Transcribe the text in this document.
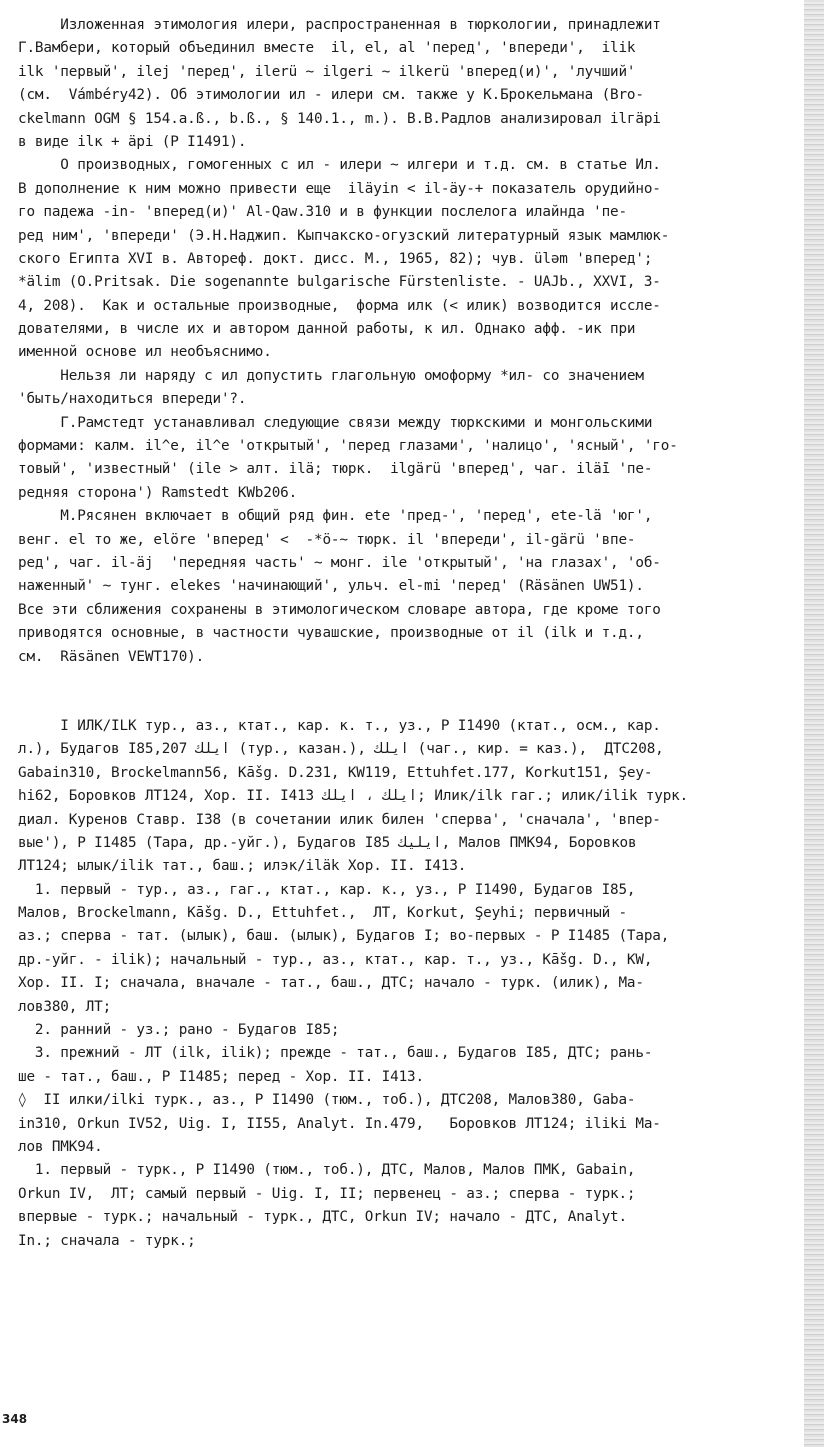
Изложенная этимология илери, распространенная в тюркологии, принадлежит
Г.Вамбери, который объединил вместе  il, el, al 'перед', 'впереди',  ilik
ilk 'первый', ilej 'перед', ilerü ~ ilgeri ~ ilkerü 'вперед(и)', 'лучший'
(см.  Vámbéry42). Об этимологии ил - илери см. также у К.Брокельмана (Bro-
ckelmann OGM § 154.a.ß., b.ß., § 140.1., m.). В.В.Радлов анализировал ilгäрi
в виде ilк + äрi (Р I1491).
О производных, гомогенных с ил - илери ~ илгери и т.д. см. в статье Ил.
В дополнение к ним можно привести еще  iläyin < il-äy-+ показатель орудийно-
го падежа -in- 'вперед(и)' Al-Qaw.310 и в функции послелога илайнда 'пе-
ред ним', 'впереди' (Э.Н.Наджип. Кыпчакско-огузский литературный язык мамлюк-
ского Египта XVI в. Автореф. докт. дисс. М., 1965, 82); чув. üləm 'вперед';
*älim (O.Pritsak. Die sogenannte bulgarische Fürstenliste. - UAJb., XXVI, 3-
4, 208).  Как и остальные производные,  форма илк (< илик) возводится иссле-
дователями, в числе их и автором данной работы, к ил. Однако афф. -ик при
именной основе ил необъяснимо.
Нельзя ли наряду с ил допустить глагольную омоформу *ил- со значением
'быть/находиться впереди'?.
Г.Рамстедт устанавливал следующие связи между тюркскими и монгольскими
формами: калм. il^e, il^e 'открытый', 'перед глазами', 'налицо', 'ясный', 'го-
товый', 'известный' (ile > алт. ilä; тюрк.  ilgärü 'вперед', чаг. ilä̈i 'пе-
редняя сторона') Ramstedt KWb206.
М.Рясянен включает в общий ряд фин. ete 'пред-', 'перед', ete-lä 'юг',
венг. el то же, elöre 'вперед' <  -*ö-~ тюрк. il 'впереди', il-gärü 'впе-
ред', чаг. il-äj  'передняя часть' ~ монг. ile 'открытый', 'на глазах', 'об-
наженный' ~ тунг. elekes 'начинающий', ульч. el-mi 'перед' (Räsänen UW51).
Все эти сближения сохранены в этимологическом словаре автора, где кроме того
приводятся основные, в частности чувашские, производные от il (ilk и т.д.,
см.  Räsänen VEWT170).
I ИЛК/ILK тур., аз., ктат., кар. к. т., уз., Р I1490 (ктат., осм., кар.
л.), Будагов I85,207 ایلك (тур., казан.), ایلك (чаг., кир. = каз.),  ДТС208,
Gabain310, Brockelmann56, Kāšg. D.231, KW119, Ettuhfet.177, Korkut151, Şey-
hi62, Боровков ЛТ124, Хор. II. I413 ایلك ، ایلك; Илик/ilk гаг.; илик/ilik турк.
диал. Куренов Ставр. I38 (в сочетании илик билен 'сперва', 'сначала', 'впер-
вые'), Р I1485 (Тара, др.-уйг.), Будагов I85 ایلیك, Малов ПМК94, Боровков
ЛТ124; ылык/ilik тат., баш.; илэк/iläk Хор. II. I413.
1. первый - тур., аз., гаг., ктат., кар. к., уз., Р I1490, Будагов I85,
Малов, Brockelmann, Kāšg. D., Ettuhfet.,  ЛТ, Korkut, Şeyhi; первичный -
аз.; сперва - тат. (ылык), баш. (ылык), Будагов I; во-первых - Р I1485 (Тара,
др.-уйг. - ilik); начальный - тур., аз., ктат., кар. т., уз., Kāšg. D., KW,
Хор. II. I; сначала, вначале - тат., баш., ДТС; начало - турк. (илик), Ма-
лов380, ЛТ;
2. ранний - уз.; рано - Будагов I85;
3. прежний - ЛТ (ilk, ilik); прежде - тат., баш., Будагов I85, ДТС; рань-
ше - тат., баш., Р I1485; перед - Хор. II. I413.
◊  II илки/ilki турк., аз., Р I1490 (тюм., тоб.), ДТС208, Малов380, Gaba-
in310, Orkun IV52, Uig. I, II55, Analyt. In.479,   Боровков ЛТ124; iliki Ма-
лов ПМК94.
1. первый - турк., Р I1490 (тюм., тоб.), ДТС, Малов, Малов ПМК, Gabain,
Orkun IV,  ЛТ; самый первый - Uig. I, II; первенец - аз.; сперва - турк.;
впервые - турк.; начальный - турк., ДТС, Orkun IV; начало - ДТС, Analyt.
In.; сначала - турк.;
348
